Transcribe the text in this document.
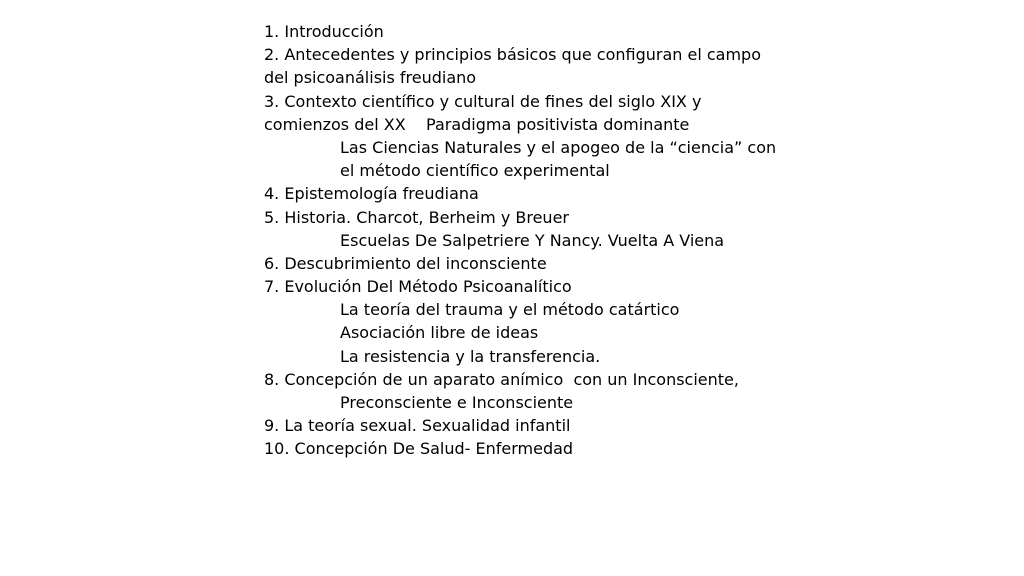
1. Introducción
2. Antecedentes y principios básicos que configuran el campo
del psicoanálisis freudiano
3. Contexto científico y cultural de fines del siglo XIX y
comienzos del XX    Paradigma positivista dominante
Las Ciencias Naturales y el apogeo de la “ciencia” con
el método científico experimental
4. Epistemología freudiana
5. Historia. Charcot, Berheim y Breuer
Escuelas De Salpetriere Y Nancy. Vuelta A Viena
6. Descubrimiento del inconsciente
7. Evolución Del Método Psicoanalítico
La teoría del trauma y el método catártico
Asociación libre de ideas
La resistencia y la transferencia.
8. Concepción de un aparato anímico  con un Inconsciente,
Preconsciente e Inconsciente
9. La teoría sexual. Sexualidad infantil
10. Concepción De Salud- Enfermedad
